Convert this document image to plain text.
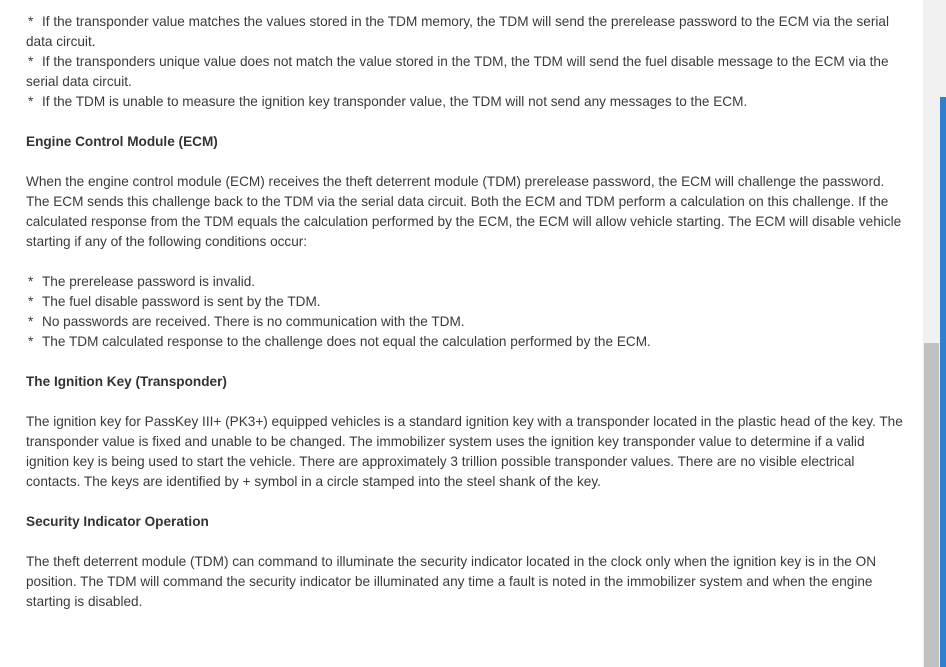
* If the transponder value matches the values stored in the TDM memory, the TDM will send the prerelease password to the ECM via the serial data circuit.
* If the transponders unique value does not match the value stored in the TDM, the TDM will send the fuel disable message to the ECM via the serial data circuit.
* If the TDM is unable to measure the ignition key transponder value, the TDM will not send any messages to the ECM.
Engine Control Module (ECM)

When the engine control module (ECM) receives the theft deterrent module (TDM) prerelease password, the ECM will challenge the password. The ECM sends this challenge back to the TDM via the serial data circuit. Both the ECM and TDM perform a calculation on this challenge. If the calculated response from the TDM equals the calculation performed by the ECM, the ECM will allow vehicle starting. The ECM will disable vehicle starting if any of the following conditions occur:

* The prerelease password is invalid.
* The fuel disable password is sent by the TDM.
* No passwords are received. There is no communication with the TDM.
* The TDM calculated response to the challenge does not equal the calculation performed by the ECM.
The Ignition Key (Transponder)

The ignition key for PassKey III+ (PK3+) equipped vehicles is a standard ignition key with a transponder located in the plastic head of the key. The transponder value is fixed and unable to be changed. The immobilizer system uses the ignition key transponder value to determine if a valid ignition key is being used to start the vehicle. There are approximately 3 trillion possible transponder values. There are no visible electrical contacts. The keys are identified by + symbol in a circle stamped into the steel shank of the key.

Security Indicator Operation

The theft deterrent module (TDM) can command to illuminate the security indicator located in the clock only when the ignition key is in the ON position. The TDM will command the security indicator be illuminated any time a fault is noted in the immobilizer system and when the engine starting is disabled.
